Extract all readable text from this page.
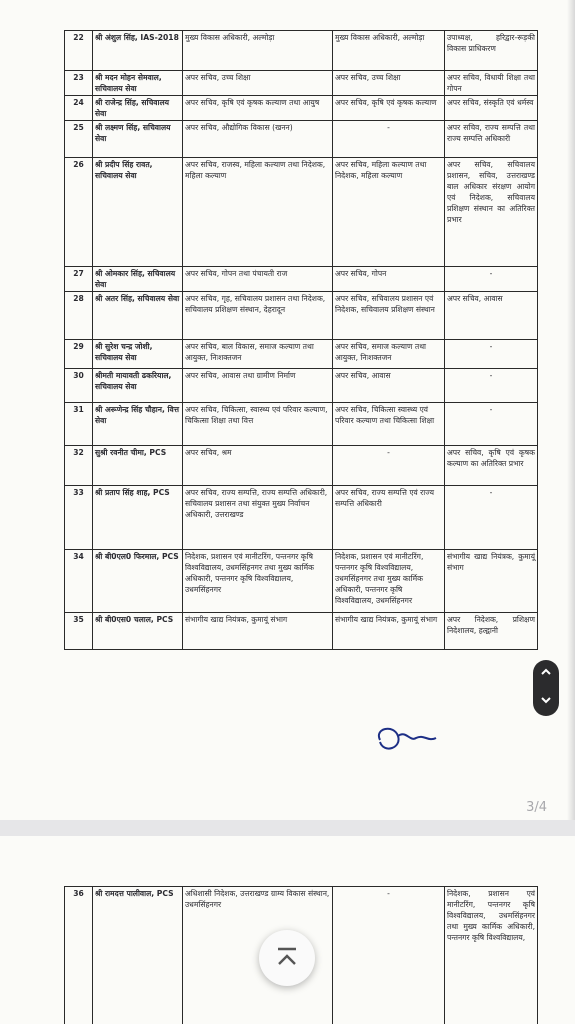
22	श्री अंशुल सिंह, IAS-2018	मुख्य विकास अधिकारी, अल्मोड़ा	मुख्य विकास अधिकारी, अल्मोड़ा	उपाध्यक्ष, हरिद्वार-रूड़की विकास प्राधिकरण
23	श्री मदन मोहन सेमवाल, सचिवालय सेवा	अपर सचिव, उच्च शिक्षा	अपर सचिव, उच्च शिक्षा	अपर सचिव, विधायी शिक्षा तथा गोपन
24	श्री राजेन्द्र सिंह, सचिवालय सेवा	अपर सचिव, कृषि एवं कृषक कल्याण तथा आयुष	अपर सचिव, कृषि एवं कृषक कल्याण	अपर सचिव, संस्कृति एवं धर्मस्व
25	श्री लक्ष्मण सिंह, सचिवालय सेवा	अपर सचिव, औद्योगिक विकास (खनन)	-	अपर सचिव, राज्य सम्पत्ति तथा राज्य सम्पत्ति अधिकारी
26	श्री प्रदीप सिंह रावत, सचिवालय सेवा	अपर सचिव, राजस्व, महिला कल्याण तथा निदेशक, महिला कल्याण	अपर सचिव, महिला कल्याण तथा निदेशक, महिला कल्याण	अपर सचिव, सचिवालय प्रशासन, सचिव, उत्तराखण्ड बाल अधिकार संरक्षण आयोग एवं निदेशक, सचिवालय प्रशिक्षण संस्थान का अतिरिक्त प्रभार
27	श्री ओमकार सिंह, सचिवालय सेवा	अपर सचिव, गोपन तथा पंचायती राज	अपर सचिव, गोपन	-
28	श्री अतर सिंह, सचिवालय सेवा	अपर सचिव, गृह, सचिवालय प्रशासन तथा निदेशक, सचिवालय प्रशिक्षण संस्थान, देहरादून	अपर सचिव, सचिवालय प्रशासन एवं निदेशक, सचिवालय प्रशिक्षण संस्थान	अपर सचिव, आवास
29	श्री सुरेश चन्द्र जोशी, सचिवालय सेवा	अपर सचिव, बाल विकास, समाज कल्याण तथा आयुक्त, निःशक्तजन	अपर सचिव, समाज कल्याण तथा आयुक्त, निःशक्तजन	-
30	श्रीमती मायावती ढकरियाल, सचिवालय सेवा	अपर सचिव, आवास तथा ग्रामीण निर्माण	अपर सचिव, आवास	-
31	श्री अरूणेन्द्र सिंह चौहान, वित्त सेवा	अपर सचिव, चिकित्सा, स्वास्थ्य एवं परिवार कल्याण, चिकित्सा शिक्षा तथा वित्त	अपर सचिव, चिकित्सा स्वास्थ्य एवं परिवार कल्याण तथा चिकित्सा शिक्षा	-
32	सुश्री रवनीत चीमा, PCS	अपर सचिव, श्रम	-	अपर सचिव, कृषि एवं कृषक कल्याण का अतिरिक्त प्रभार
33	श्री प्रताप सिंह शाह, PCS	अपर सचिव, राज्य सम्पत्ति, राज्य सम्पत्ति अधिकारी, सचिवालय प्रशासन तथा संयुक्त मुख्य निर्वाचन अधिकारी, उत्तराखण्ड	अपर सचिव, राज्य सम्पत्ति एवं राज्य सम्पत्ति अधिकारी	-
34	श्री बी0एल0 फिरमाल, PCS	निदेशक, प्रशासन एवं मानीटरिंग, पन्तनगर कृषि विश्वविद्यालय, उधमसिंहनगर तथा मुख्य कार्मिक अधिकारी, पन्तनगर कृषि विश्वविद्यालय, उधमसिंहनगर	निदेशक, प्रशासन एवं मानीटरिंग, पन्तनगर कृषि विश्वविद्यालय, उधमसिंहनगर तथा मुख्य कार्मिक अधिकारी, पन्तनगर कृषि विश्वविद्यालय, उधमसिंहनगर	संभागीय खाद्य नियंत्रक, कुमायूं संभाग
35	श्री बी0एस0 चलाल, PCS	संभागीय खाद्य नियंत्रक, कुमायूं संभाग	संभागीय खाद्य नियंत्रक, कुमायूं संभाग	अपर निदेशक, प्रशिक्षण निदेशालय, हल्द्वानी
3/4
36	श्री रामदत्त पालीवाल, PCS	अधिशासी निदेशक, उत्तराखण्ड ग्राम्य विकास संस्थान, उधमसिंहनगर	-	निदेशक, प्रशासन एवं मानीटरिंग, पन्तनगर कृषि विश्वविद्यालय, उधमसिंहनगर तथा मुख्य कार्मिक अधिकारी, पन्तनगर कृषि विश्वविद्यालय,
